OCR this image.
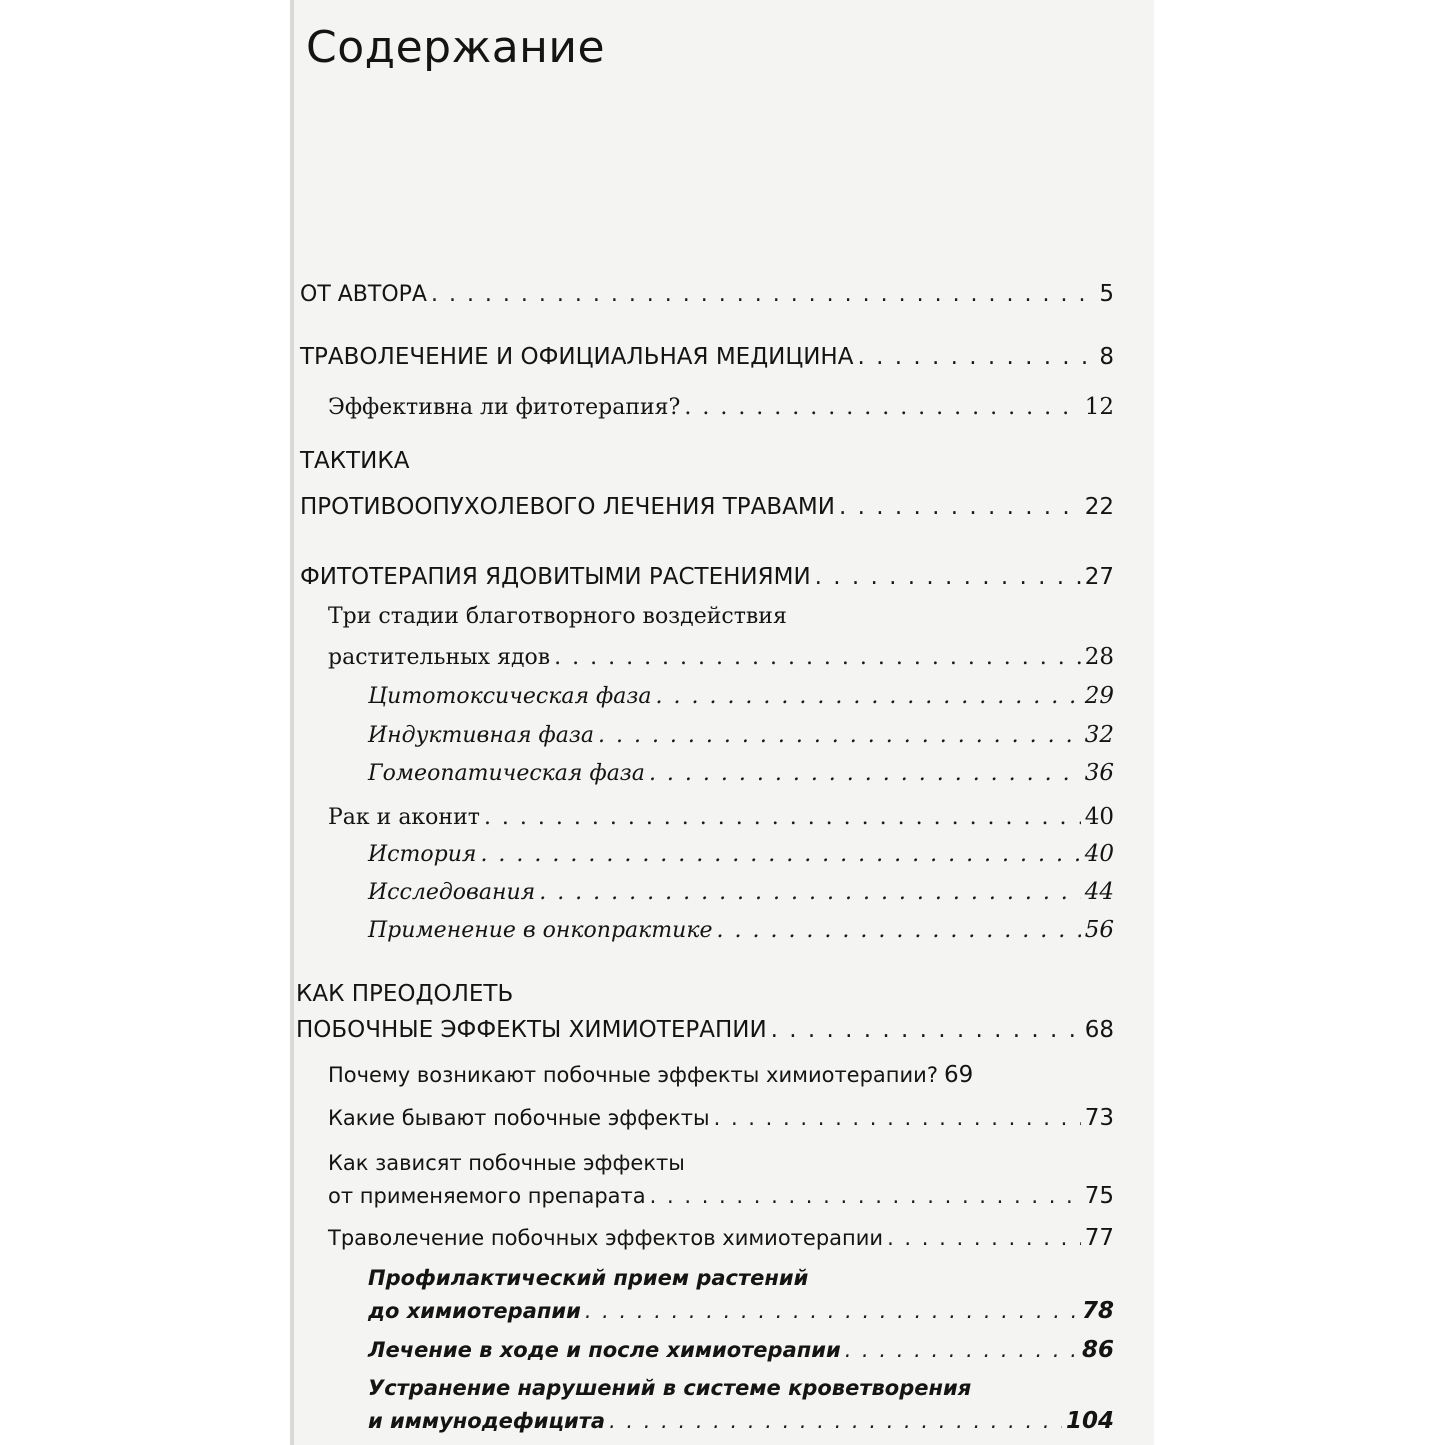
Содержание
ОТ АВТОРА . . .	5
ТРАВОЛЕЧЕНИЕ И ОФИЦИАЛЬНАЯ МЕДИЦИНА . . .	8
Эффективна ли фитотерапия? . . .	12
ТАКТИКА
ПРОТИВООПУХОЛЕВОГО ЛЕЧЕНИЯ ТРАВАМИ . . .	22
ФИТОТЕРАПИЯ ЯДОВИТЫМИ РАСТЕНИЯМИ . . .	27
Три стадии благотворного воздействия
растительных ядов . . .	28
Цитотоксическая фаза . . .	29
Индуктивная фаза . . .	32
Гомеопатическая фаза . . .	36
Рак и аконит . . .	40
История . . .	40
Исследования . . .	44
Применение в онкопрактике . . .	56
КАК ПРЕОДОЛЕТЬ
ПОБОЧНЫЕ ЭФФЕКТЫ ХИМИОТЕРАПИИ . . .	68
Почему возникают побочные эффекты химиотерапии? 69
Какие бывают побочные эффекты . . .	73
Как зависят побочные эффекты
от применяемого препарата . . .	75
Траволечение побочных эффектов химиотерапии . . .	77
Профилактический прием растений
до химиотерапии . . .	78
Лечение в ходе и после химиотерапии . . .	86
Устранение нарушений в системе кроветворения
и иммунодефицита . . .	104
